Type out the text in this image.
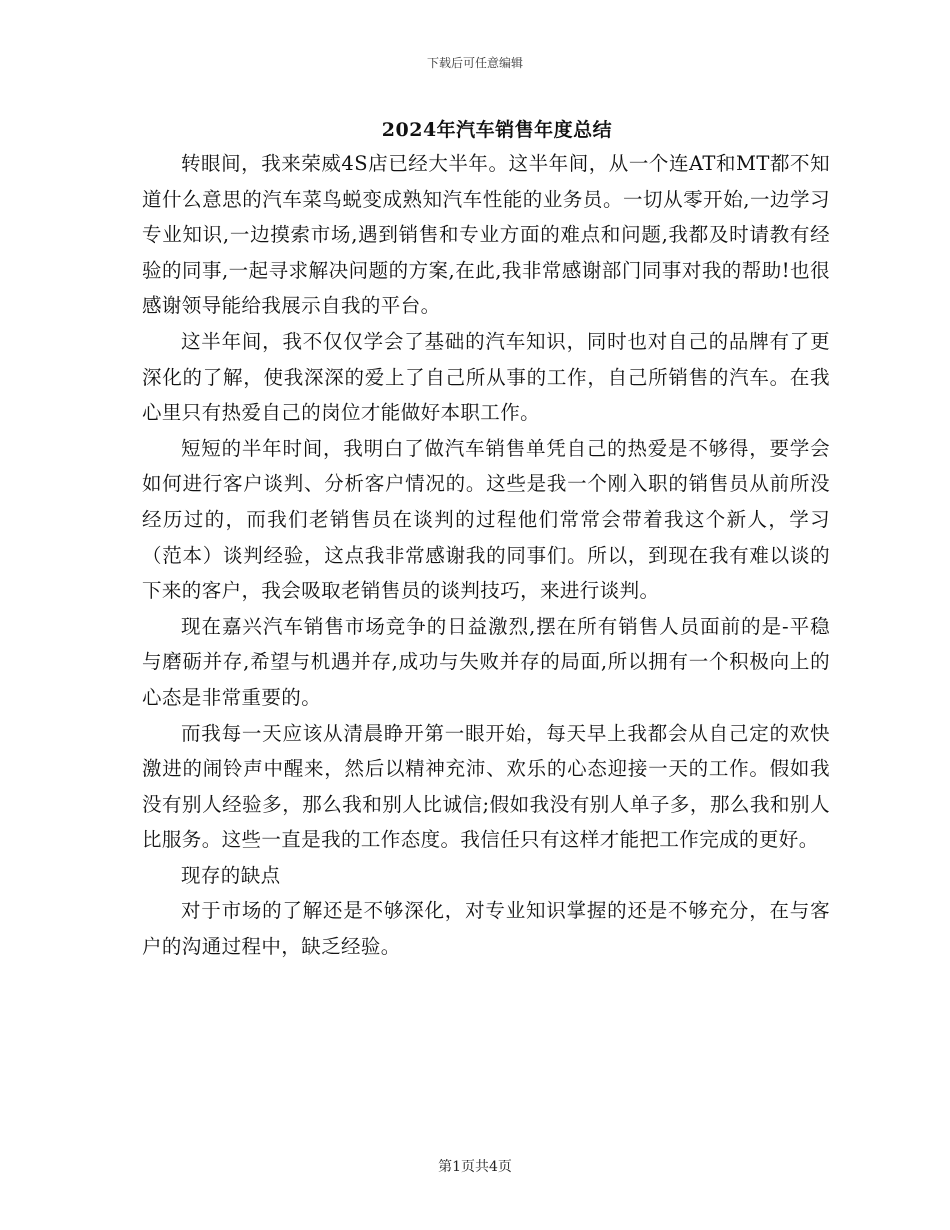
下载后可任意编辑
2024年汽车销售年度总结

转眼间，我来荣威4S店已经大半年。这半年间，从一个连AT和MT都不知道什么意思的汽车菜鸟蜕变成熟知汽车性能的业务员。一切从零开始,一边学习专业知识,一边摸索市场,遇到销售和专业方面的难点和问题,我都及时请教有经验的同事,一起寻求解决问题的方案,在此,我非常感谢部门同事对我的帮助!也很感谢领导能给我展示自我的平台。

这半年间，我不仅仅学会了基础的汽车知识，同时也对自己的品牌有了更深化的了解，使我深深的爱上了自己所从事的工作，自己所销售的汽车。在我心里只有热爱自己的岗位才能做好本职工作。

短短的半年时间，我明白了做汽车销售单凭自己的热爱是不够得，要学会如何进行客户谈判、分析客户情况的。这些是我一个刚入职的销售员从前所没经历过的，而我们老销售员在谈判的过程他们常常会带着我这个新人，学习（范本）谈判经验，这点我非常感谢我的同事们。所以，到现在我有难以谈的下来的客户，我会吸取老销售员的谈判技巧，来进行谈判。

现在嘉兴汽车销售市场竞争的日益激烈,摆在所有销售人员面前的是-平稳与磨砺并存,希望与机遇并存,成功与失败并存的局面,所以拥有一个积极向上的心态是非常重要的。

而我每一天应该从清晨睁开第一眼开始，每天早上我都会从自己定的欢快激进的闹铃声中醒来，然后以精神充沛、欢乐的心态迎接一天的工作。假如我没有别人经验多，那么我和别人比诚信;假如我没有别人单子多，那么我和别人比服务。这些一直是我的工作态度。我信任只有这样才能把工作完成的更好。

现存的缺点

对于市场的了解还是不够深化，对专业知识掌握的还是不够充分，在与客户的沟通过程中，缺乏经验。

第1页共4页
